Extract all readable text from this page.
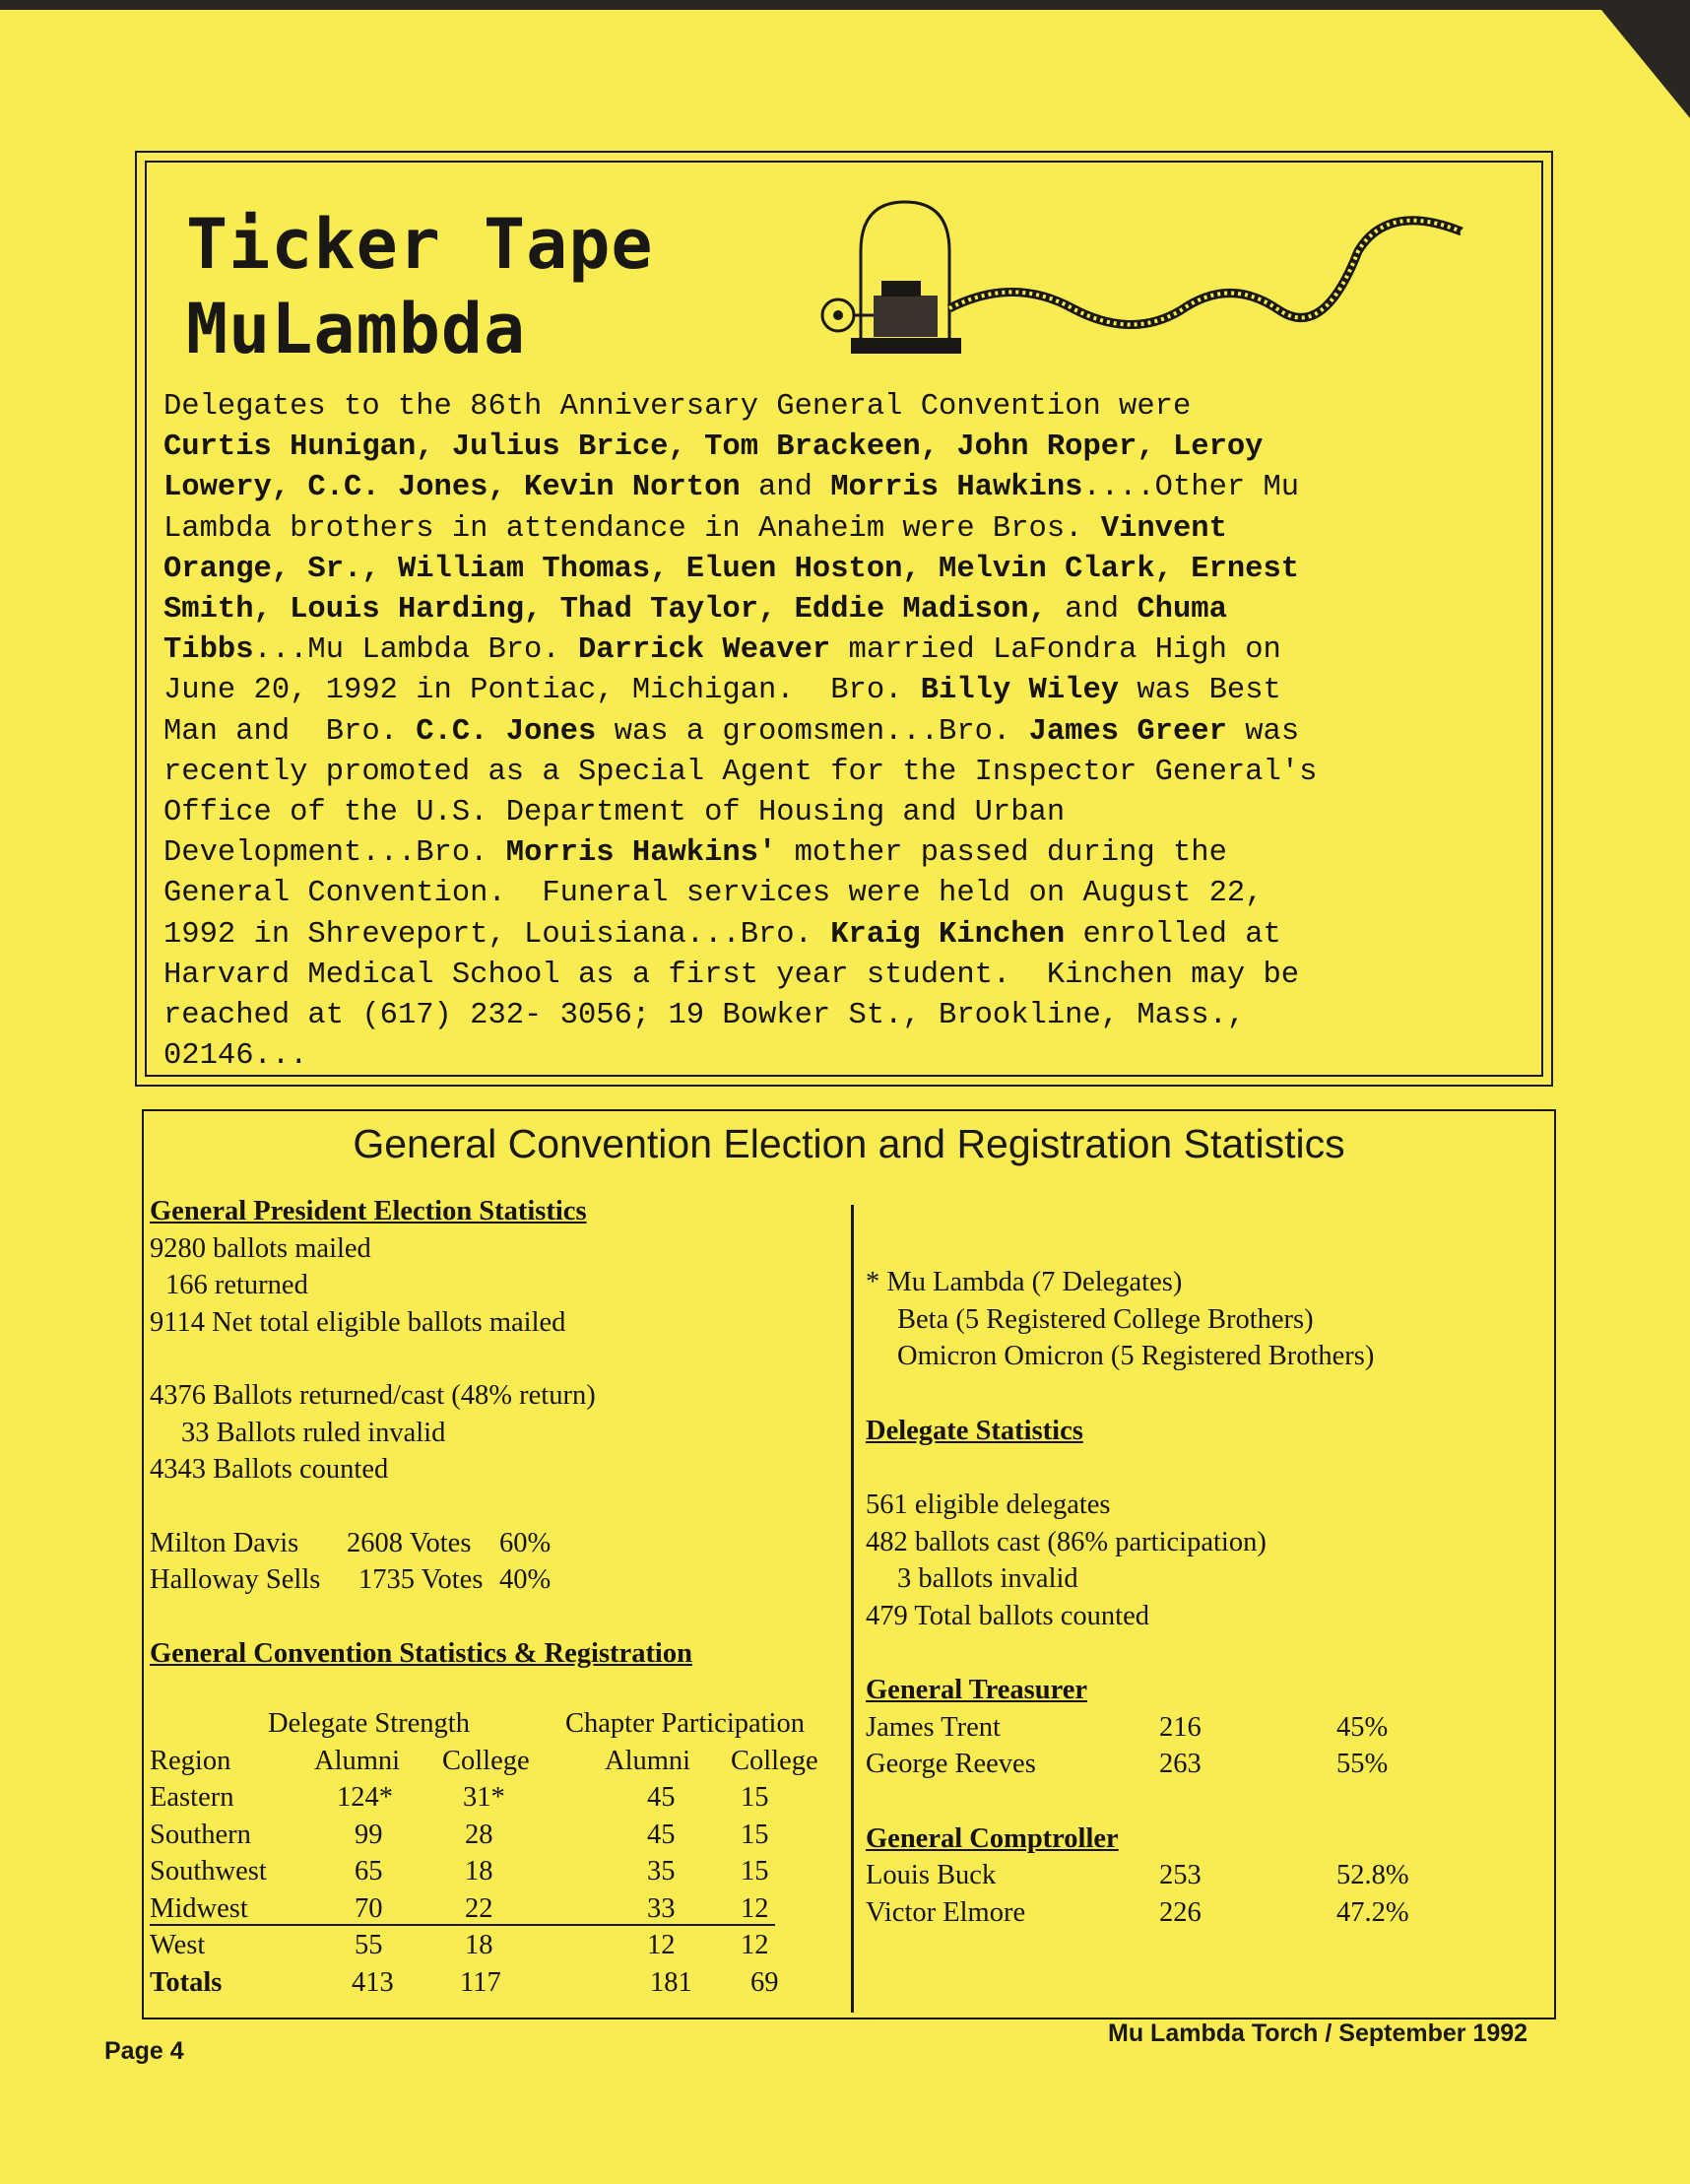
Ticker Tape
MuLambda
Delegates to the 86th Anniversary General Convention were
Curtis Hunigan, Julius Brice, Tom Brackeen, John Roper, Leroy
Lowery, C.C. Jones, Kevin Norton and Morris Hawkins....Other Mu
Lambda brothers in attendance in Anaheim were Bros. Vinvent
Orange, Sr., William Thomas, Eluen Hoston, Melvin Clark, Ernest
Smith, Louis Harding, Thad Taylor, Eddie Madison, and Chuma
Tibbs...Mu Lambda Bro. Darrick Weaver married LaFondra High on
June 20, 1992 in Pontiac, Michigan.  Bro. Billy Wiley was Best
Man and  Bro. C.C. Jones was a groomsmen...Bro. James Greer was
recently promoted as a Special Agent for the Inspector General's
Office of the U.S. Department of Housing and Urban
Development...Bro. Morris Hawkins' mother passed during the
General Convention.  Funeral services were held on August 22,
1992 in Shreveport, Louisiana...Bro. Kraig Kinchen enrolled at
Harvard Medical School as a first year student.  Kinchen may be
reached at (617) 232- 3056; 19 Bowker St., Brookline, Mass.,
02146...
General Convention Election and Registration Statistics
General President Election Statistics
9280 ballots mailed
166 returned
9114 Net total eligible ballots mailed
4376 Ballots returned/cast (48% return)
33 Ballots ruled invalid
4343 Ballots counted
Milton Davis 2608 Votes 60%
Halloway Sells 1735 Votes 40%
General Convention Statistics & Registration
Delegate Strength	Chapter Participation
Region	Alumni College	Alumni College
Eastern	124* 31*	45 15
Southern	99	28	45 15
Southwest	65	18	35 15
Midwest	70	22	33 12
West	55	18	12 12
Totals	413 117	181 69
* Mu Lambda (7 Delegates)
Beta (5 Registered College Brothers)
Omicron Omicron (5 Registered Brothers)
Delegate Statistics
561 eligible delegates
482 ballots cast (86% participation)
3 ballots invalid
479 Total ballots counted
General Treasurer
James Trent	216	45%
George Reeves	263	55%
General Comptroller
Louis Buck	253	52.8%
Victor Elmore	226	47.2%
Page 4
Mu Lambda Torch / September 1992
